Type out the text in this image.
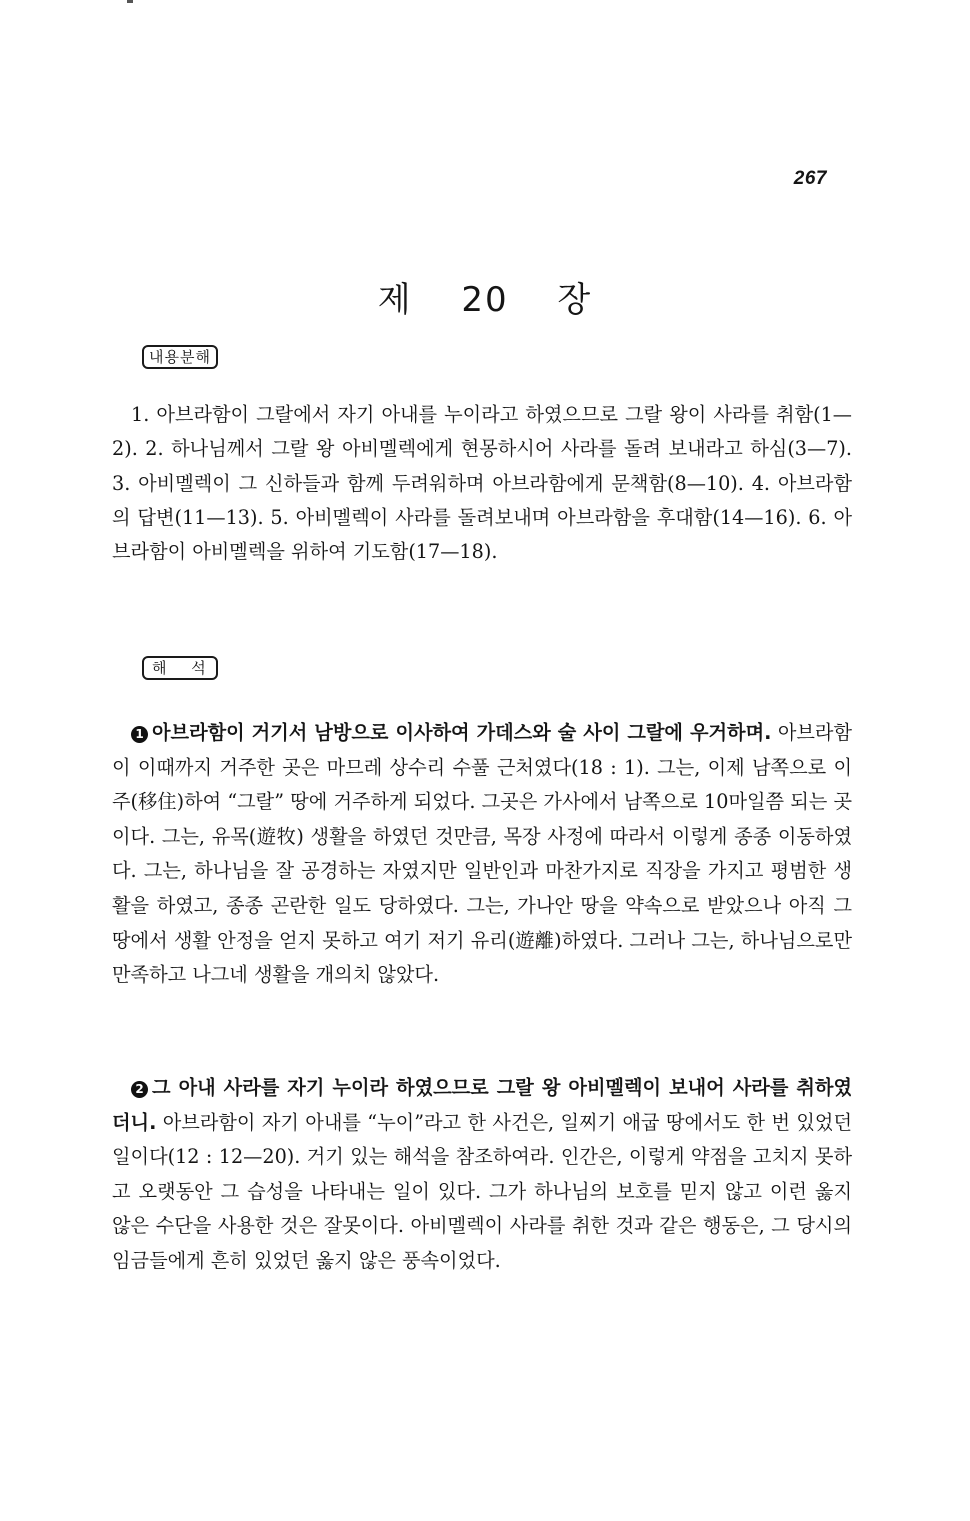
267
제 20 장
내용분해

1. 아브라함이 그랄에서 자기 아내를 누이라고 하였으므로 그랄 왕이 사라를 취함(1—2). 2. 하나님께서 그랄 왕 아비멜렉에게 현몽하시어 사라를 돌려 보내라고 하심(3—7). 3. 아비멜렉이 그 신하들과 함께 두려워하며 아브라함에게 문책함(8—10). 4. 아브라함의 답변(11—13). 5. 아비멜렉이 사라를 돌려보내며 아브라함을 후대함(14—16). 6. 아브라함이 아비멜렉을 위하여 기도함(17—18).

해 석

1 아브라함이 거기서 남방으로 이사하여 가데스와 술 사이 그랄에 우거하며. 아브라함이 이때까지 거주한 곳은 마므레 상수리 수풀 근처였다(18 : 1). 그는, 이제 남쪽으로 이주(移住)하여 “그랄” 땅에 거주하게 되었다. 그곳은 가사에서 남쪽으로 10마일쯤 되는 곳이다. 그는, 유목(遊牧) 생활을 하였던 것만큼, 목장 사정에 따라서 이렇게 종종 이동하였다. 그는, 하나님을 잘 공경하는 자였지만 일반인과 마찬가지로 직장을 가지고 평범한 생활을 하였고, 종종 곤란한 일도 당하였다. 그는, 가나안 땅을 약속으로 받았으나 아직 그 땅에서 생활 안정을 얻지 못하고 여기 저기 유리(遊離)하였다. 그러나 그는, 하나님으로만 만족하고 나그네 생활을 개의치 않았다.

2 그 아내 사라를 자기 누이라 하였으므로 그랄 왕 아비멜렉이 보내어 사라를 취하였더니. 아브라함이 자기 아내를 “누이”라고 한 사건은, 일찌기 애굽 땅에서도 한 번 있었던 일이다(12 : 12—20). 거기 있는 해석을 참조하여라. 인간은, 이렇게 약점을 고치지 못하고 오랫동안 그 습성을 나타내는 일이 있다. 그가 하나님의 보호를 믿지 않고 이런 옳지 않은 수단을 사용한 것은 잘못이다. 아비멜렉이 사라를 취한 것과 같은 행동은, 그 당시의 임금들에게 흔히 있었던 옳지 않은 풍속이었다.
